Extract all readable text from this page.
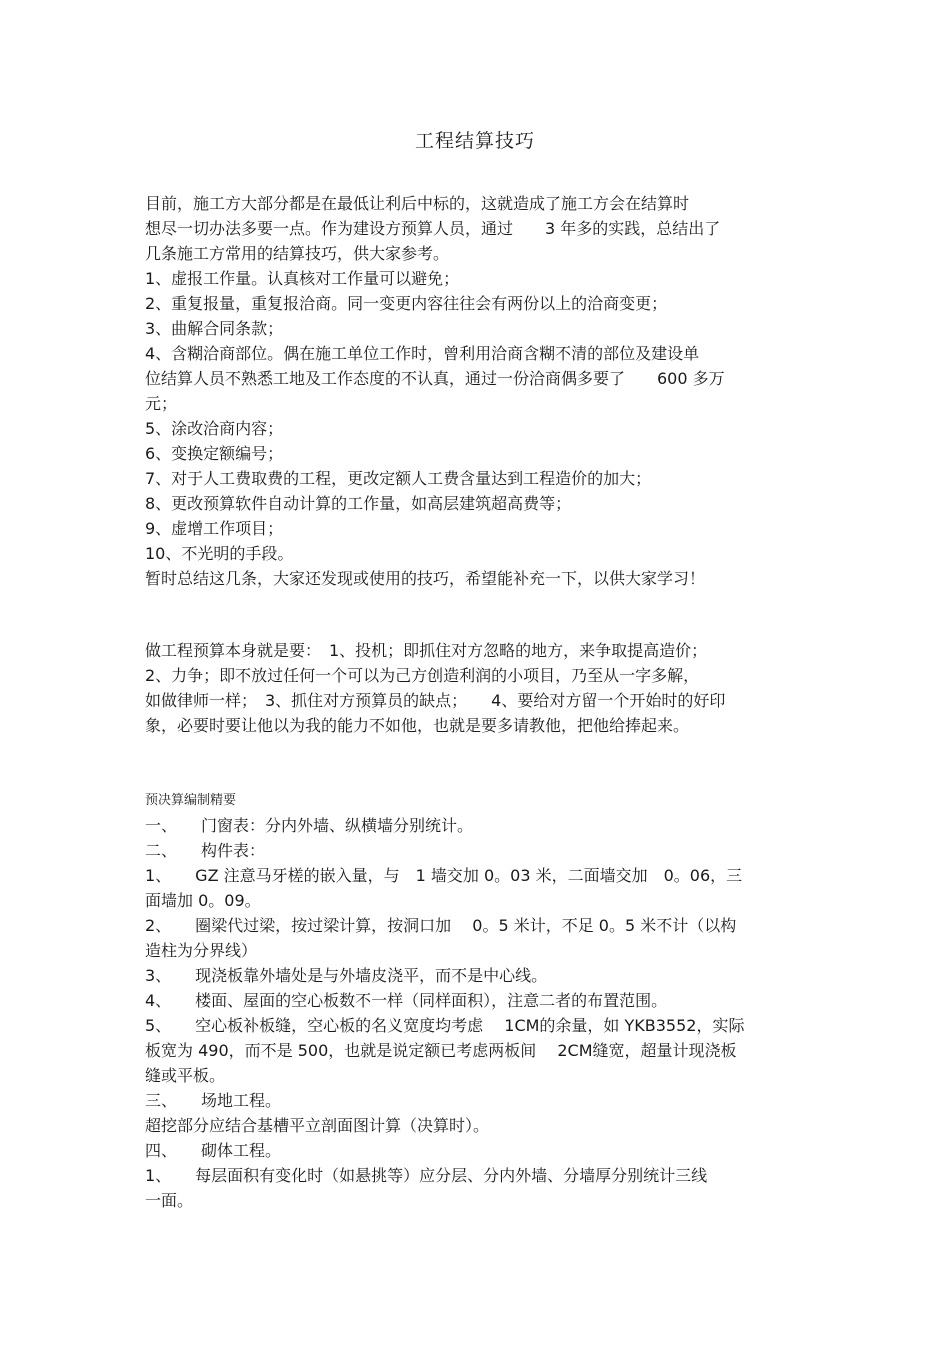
工程结算技巧
目前，施工方大部分都是在最低让利后中标的，这就造成了施工方会在结算时
想尽一切办法多要一点。作为建设方预算人员，通过　　3 年多的实践，总结出了
几条施工方常用的结算技巧，供大家参考。
1、虚报工作量。认真核对工作量可以避免；
2、重复报量，重复报洽商。同一变更内容往往会有两份以上的洽商变更；
3、曲解合同条款；
4、含糊洽商部位。偶在施工单位工作时，曾利用洽商含糊不清的部位及建设单
位结算人员不熟悉工地及工作态度的不认真，通过一份洽商偶多要了　　600 多万
元；
5、涂改洽商内容；
6、变换定额编号；
7、对于人工费取费的工程，更改定额人工费含量达到工程造价的加大；
8、更改预算软件自动计算的工作量，如高层建筑超高费等；
9、虚增工作项目；
10、不光明的手段。
暂时总结这几条，大家还发现或使用的技巧，希望能补充一下，以供大家学习！
做工程预算本身就是要：　1、投机；即抓住对方忽略的地方，来争取提高造价；
2、力争；即不放过任何一个可以为己方创造利润的小项目，乃至从一字多解，
如做律师一样；　3、抓住对方预算员的缺点；　　4、要给对方留一个开始时的好印
象，必要时要让他以为我的能力不如他，也就是要多请教他，把他给捧起来。
预决算编制精要
一、　　门窗表：分内外墙、纵横墙分别统计。
二、　　构件表：
1、　　GZ 注意马牙槎的嵌入量，与　1 墙交加 0。03 米，二面墙交加　0。06，三
面墙加 0。09。
2、　　圈梁代过梁，按过梁计算，按洞口加　 0。5 米计，不足 0。5 米不计（以构
造柱为分界线）
3、　　现浇板靠外墙处是与外墙皮浇平，而不是中心线。
4、　　楼面、屋面的空心板数不一样（同样面积），注意二者的布置范围。
5、　　空心板补板缝，空心板的名义宽度均考虑　 1CM的余量，如 YKB3552，实际
板宽为 490，而不是 500，也就是说定额已考虑两板间　 2CM缝宽，超量计现浇板
缝或平板。
三、　　场地工程。
超挖部分应结合基槽平立剖面图计算（决算时）。
四、　　砌体工程。
1、　　每层面积有变化时（如悬挑等）应分层、分内外墙、分墙厚分别统计三线
一面。
